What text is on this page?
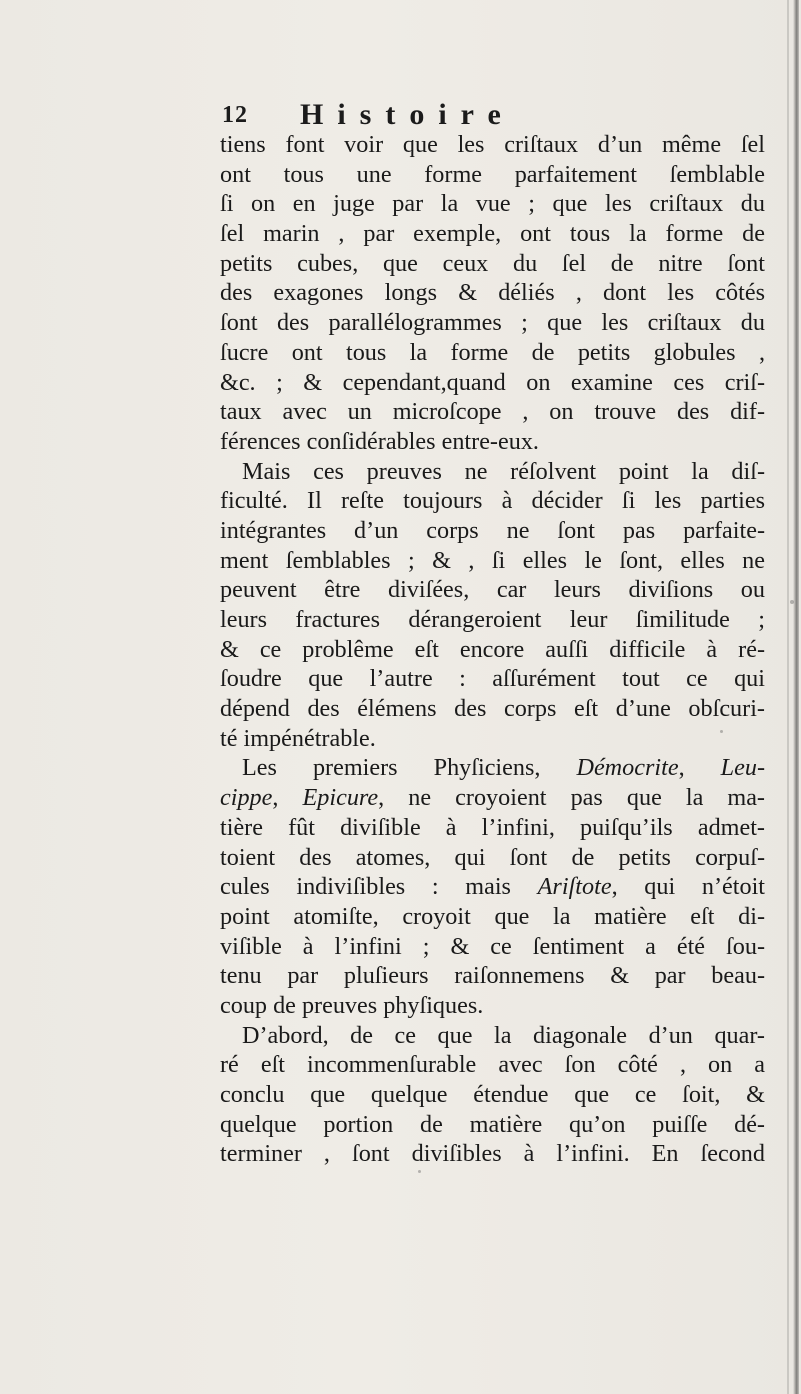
12 Histoire
tiens font voir que les criſtaux d’un même ſel
ont tous une forme parfaitement ſemblable
ſi on en juge par la vue ; que les criſtaux du
ſel marin , par exemple, ont tous la forme de
petits cubes, que ceux du ſel de nitre ſont
des exagones longs & déliés , dont les côtés
ſont des parallélogrammes ; que les criſtaux du
ſucre ont tous la forme de petits globules ,
&c. ; & cependant,quand on examine ces criſ-
taux avec un microſcope , on trouve des dif-
férences conſidérables entre-eux.
Mais ces preuves ne réſolvent point la diſ-
ficulté. Il reſte toujours à décider ſi les parties
intégrantes d’un corps ne ſont pas parfaite-
ment ſemblables ; & , ſi elles le ſont, elles ne
peuvent être diviſées, car leurs diviſions ou
leurs fractures dérangeroient leur ſimilitude ;
& ce problême eſt encore auſſi difficile à ré-
ſoudre que l’autre : aſſurément tout ce qui
dépend des élémens des corps eſt d’une obſcuri-
té impénétrable.
Les premiers Phyſiciens, Démocrite, Leu-
cippe, Epicure, ne croyoient pas que la ma-
tière fût diviſible à l’infini, puiſqu’ils admet-
toient des atomes, qui ſont de petits corpuſ-
cules indiviſibles : mais Ariſtote, qui n’étoit
point atomiſte, croyoit que la matière eſt di-
viſible à l’infini ; & ce ſentiment a été ſou-
tenu par pluſieurs raiſonnemens & par beau-
coup de preuves phyſiques.
D’abord, de ce que la diagonale d’un quar-
ré eſt incommenſurable avec ſon côté , on a
conclu que quelque étendue que ce ſoit, &
quelque portion de matière qu’on puiſſe dé-
terminer , ſont diviſibles à l’infini. En ſecond
